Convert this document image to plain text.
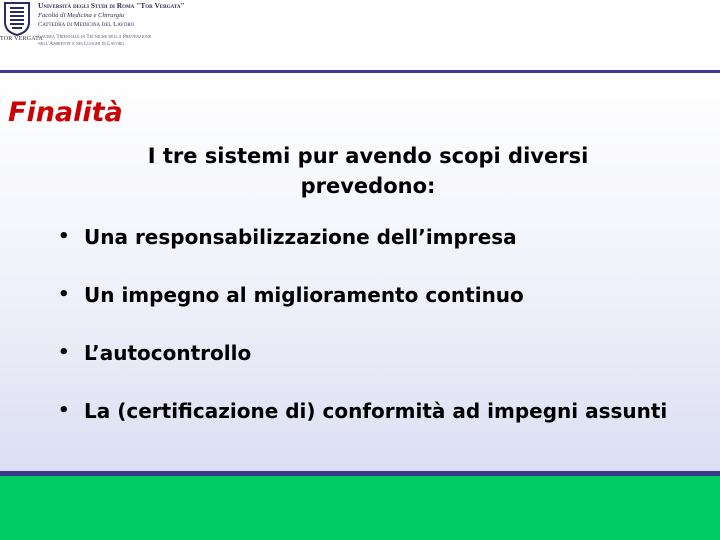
TOR VERGATA
Università degli Studi di Roma "Tor Vergata"
Facoltà di Medicina e Chirurgia
Cattedra di Medicina del Lavoro
Laurea Triennale in Tecniche della Prevenzione
nell'Ambiente e nei Luoghi di Lavoro
Finalità
I tre sistemi pur avendo scopi diversi prevedono:
• Una responsabilizzazione dell’impresa
• Un impegno al miglioramento continuo
• L’autocontrollo
• La (certificazione di) conformità ad impegni assunti
